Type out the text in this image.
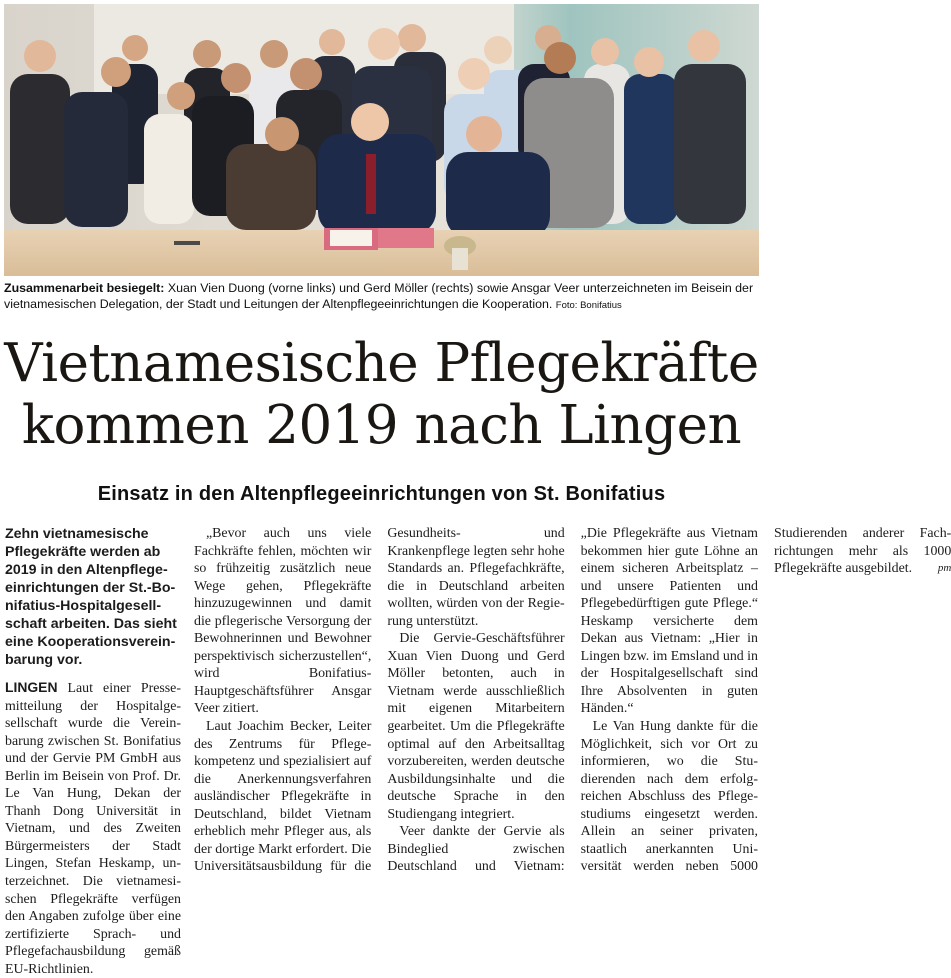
Zusammenarbeit besiegelt: Xuan Vien Duong (vorne links) und Gerd Möller (rechts) sowie Ansgar Veer unterzeichneten im Beisein der vietnamesischen Delegation, der Stadt und Leitungen der Altenpflegeeinrichtungen die Kooperation. Foto: Bonifatius
Vietnamesische Pflegekräfte
kommen 2019 nach Lingen
Einsatz in den Altenpflegeeinrichtungen von St. Bonifatius
Zehn vietnamesische Pflegekräfte werden ab 2019 in den Altenpflegeeinrichtungen der St.-Bonifatius-Hospitalgesellschaft arbeiten. Das sieht eine Kooperationsvereinbarung vor.

LINGEN Laut einer Pressemitteilung der Hospitalgesellschaft wurde die Vereinbarung zwischen St. Bonifatius und der Gervie PM GmbH aus Berlin im Beisein von Prof. Dr. Le Van Hung, Dekan der Thanh Dong Universität in Vietnam, und des Zweiten Bürgermeisters der Stadt Lingen, Stefan Heskamp, unterzeichnet. Die vietnamesischen Pflegekräfte verfügen den Angaben zufolge über eine zertifizierte Sprach- und Pflegefachausbildung gemäß EU-Richtlinien.

„Bevor auch uns viele Fachkräfte fehlen, möchten wir so frühzeitig zusätzlich neue Wege gehen, Pflegekräfte hinzuzugewinnen und damit die pflegerische Versorgung der Bewohnerinnen und Bewohner perspektivisch sicherzustellen“, wird Bonifatius-Hauptgeschäftsführer Ansgar Veer zitiert.

Laut Joachim Becker, Leiter des Zentrums für Pflegekompetenz und spezialisiert auf die Anerkennungsverfahren ausländischer Pflegekräfte in Deutschland, bildet Vietnam erheblich mehr Pfleger aus, als der dortige Markt erfordert. Die Universitätsausbildung für die Gesundheits- und Krankenpflege legten sehr hohe Standards an. Pflegefachkräfte, die in Deutschland arbeiten wollten, würden von der Regierung unterstützt.

Die Gervie-Geschäftsführer Xuan Vien Duong und Gerd Möller betonten, auch in Vietnam werde ausschließlich mit eigenen Mitarbeitern gearbeitet. Um die Pflegekräfte optimal auf den Arbeitsalltag vorzubereiten, werden deutsche Ausbildungsinhalte und die deutsche Sprache in den Studiengang integriert.

Veer dankte der Gervie als Bindeglied zwischen Deutschland und Vietnam: „Die Pflegekräfte aus Vietnam bekommen hier gute Löhne an einem sicheren Arbeitsplatz – und unsere Patienten und Pflegebedürftigen gute Pflege.“ Heskamp versicherte dem Dekan aus Vietnam: „Hier in Lingen bzw. im Emsland und in der Hospitalgesellschaft sind Ihre Absolventen in guten Händen.“

Le Van Hung dankte für die Möglichkeit, sich vor Ort zu informieren, wo die Studierenden nach dem erfolgreichen Abschluss des Pflegestudiums eingesetzt werden. Allein an seiner privaten, staatlich anerkannten Universität werden neben 5000 Studierenden anderer Fachrichtungen mehr als 1000 Pflegekräfte ausgebildet.	pm
